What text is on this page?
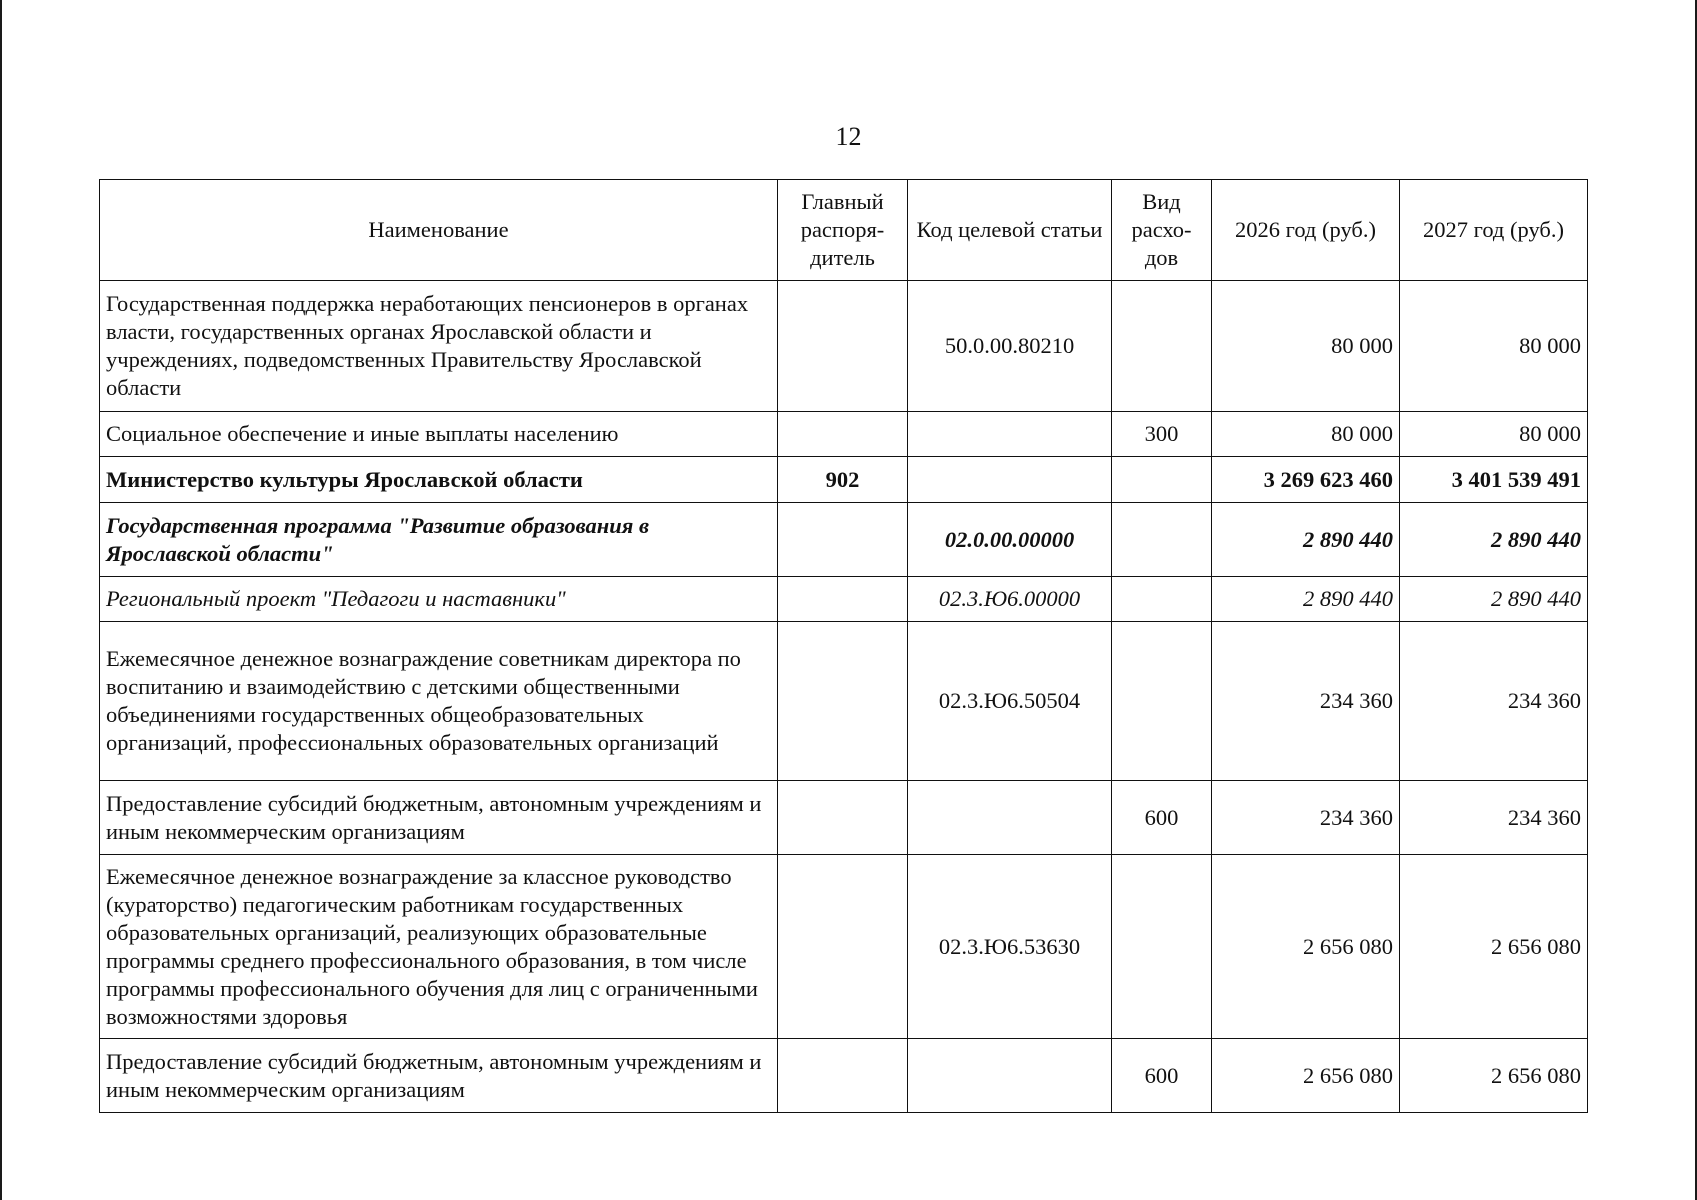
12
Наименование	Главный распоря-дитель	Код целевой статьи	Вид расхо-дов	2026 год (руб.)	2027 год (руб.)
Государственная поддержка неработающих пенсионеров в органах власти, государственных органах Ярославской области и учреждениях, подведомственных Правительству Ярославской области		50.0.00.80210		80 000	80 000
Социальное обеспечение и иные выплаты населению			300	80 000	80 000
Министерство культуры Ярославской области	902			3 269 623 460	3 401 539 491
Государственная программа "Развитие образования в Ярославской области"		02.0.00.00000		2 890 440	2 890 440
Региональный проект "Педагоги и наставники"		02.3.Ю6.00000		2 890 440	2 890 440
Ежемесячное денежное вознаграждение советникам директора по воспитанию и взаимодействию с детскими общественными объединениями государственных общеобразовательных организаций, профессиональных образовательных организаций		02.3.Ю6.50504		234 360	234 360
Предоставление субсидий бюджетным, автономным учреждениям и иным некоммерческим организациям			600	234 360	234 360
Ежемесячное денежное вознаграждение за классное руководство (кураторство) педагогическим работникам государственных образовательных организаций, реализующих образовательные программы среднего профессионального образования, в том числе программы профессионального обучения для лиц с ограниченными возможностями здоровья		02.3.Ю6.53630		2 656 080	2 656 080
Предоставление субсидий бюджетным, автономным учреждениям и иным некоммерческим организациям			600	2 656 080	2 656 080
